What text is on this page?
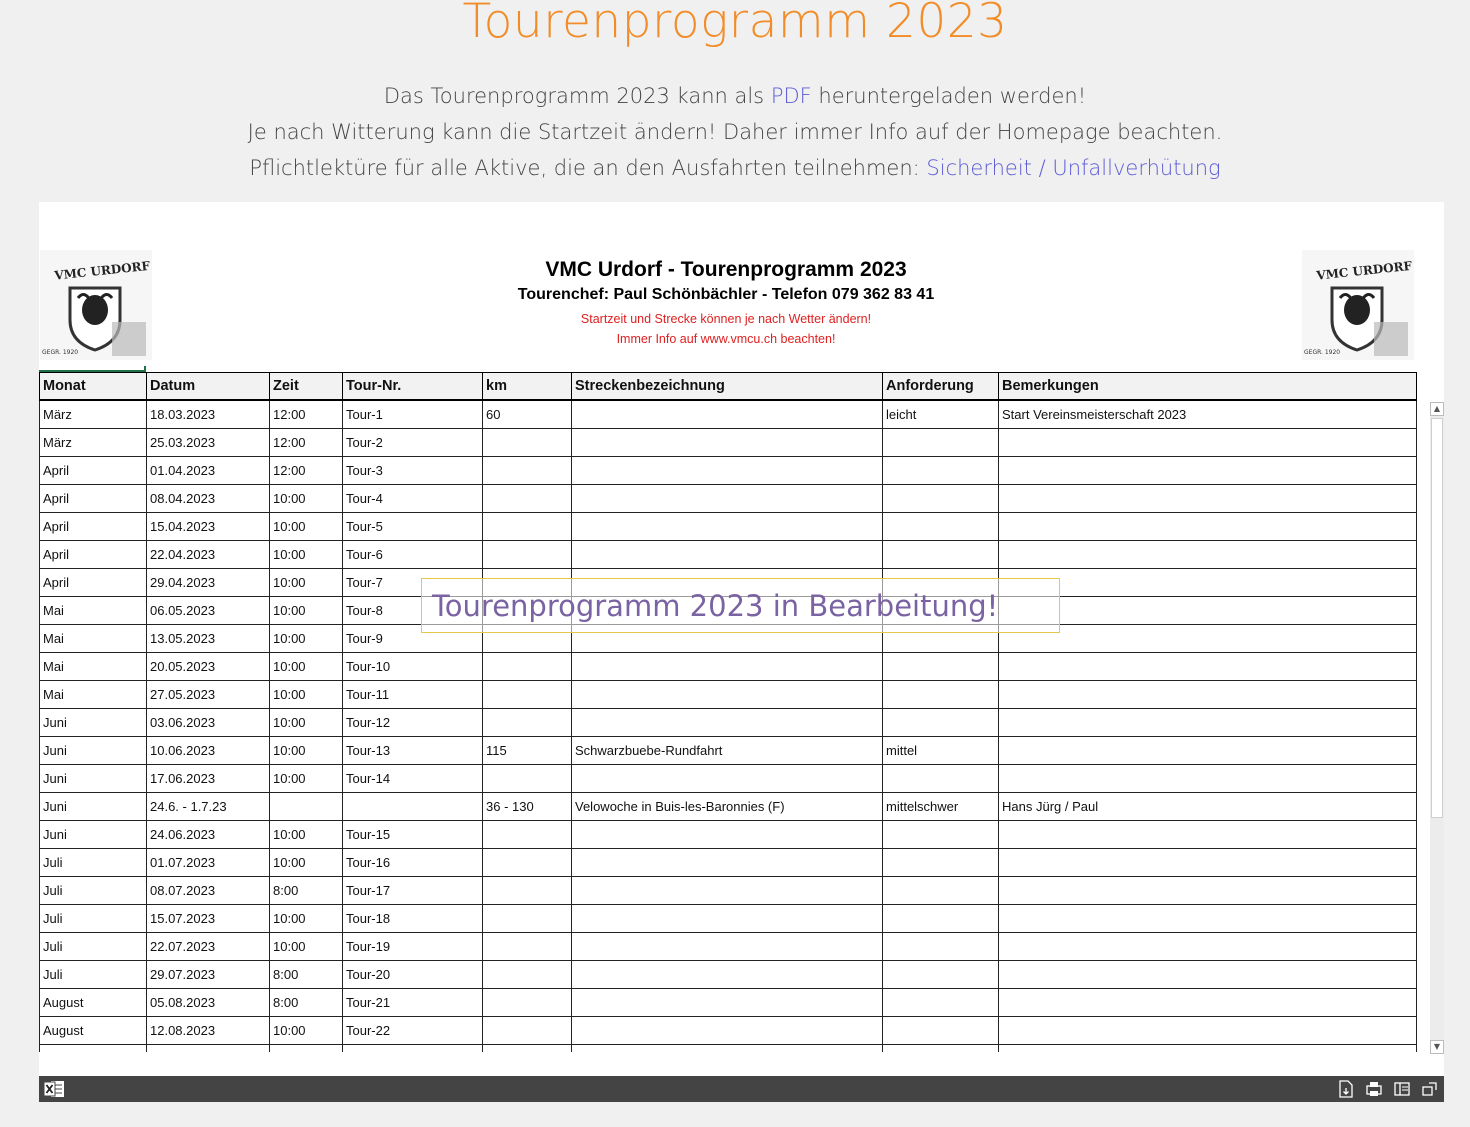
Tourenprogramm 2023
Das Tourenprogramm 2023 kann als PDF heruntergeladen werden!
Je nach Witterung kann die Startzeit ändern! Daher immer Info auf der Homepage beachten.
Pflichtlektüre für alle Aktive, die an den Ausfahrten teilnehmen: Sicherheit / Unfallverhütung
VMC URDORF
GEGR. 1920
VMC URDORF
GEGR. 1920
VMC Urdorf - Tourenprogramm 2023
Tourenchef: Paul Schönbächler - Telefon 079 362 83 41
Startzeit und Strecke können je nach Wetter ändern!
Immer Info auf www.vmcu.ch beachten!
Monat	Datum	Zeit	Tour-Nr.	km	Streckenbezeichnung	Anforderung	Bemerkungen
März	18.03.2023	12:00	Tour-1	60		leicht	Start Vereinsmeisterschaft 2023
März	25.03.2023	12:00	Tour-2				
April	01.04.2023	12:00	Tour-3				
April	08.04.2023	10:00	Tour-4				
April	15.04.2023	10:00	Tour-5				
April	22.04.2023	10:00	Tour-6				
April	29.04.2023	10:00	Tour-7				
Mai	06.05.2023	10:00	Tour-8				
Mai	13.05.2023	10:00	Tour-9				
Mai	20.05.2023	10:00	Tour-10				
Mai	27.05.2023	10:00	Tour-11				
Juni	03.06.2023	10:00	Tour-12				
Juni	10.06.2023	10:00	Tour-13	115	Schwarzbuebe-Rundfahrt	mittel	
Juni	17.06.2023	10:00	Tour-14				
Juni	24.6. - 1.7.23			36 - 130	Velowoche in Buis-les-Baronnies (F)	mittelschwer	Hans Jürg / Paul
Juni	24.06.2023	10:00	Tour-15				
Juli	01.07.2023	10:00	Tour-16				
Juli	08.07.2023	8:00	Tour-17				
Juli	15.07.2023	10:00	Tour-18				
Juli	22.07.2023	10:00	Tour-19				
Juli	29.07.2023	8:00	Tour-20				
August	05.08.2023	8:00	Tour-21				
August	12.08.2023	10:00	Tour-22				

Tourenprogramm 2023 in Bearbeitung!
▲
▼
